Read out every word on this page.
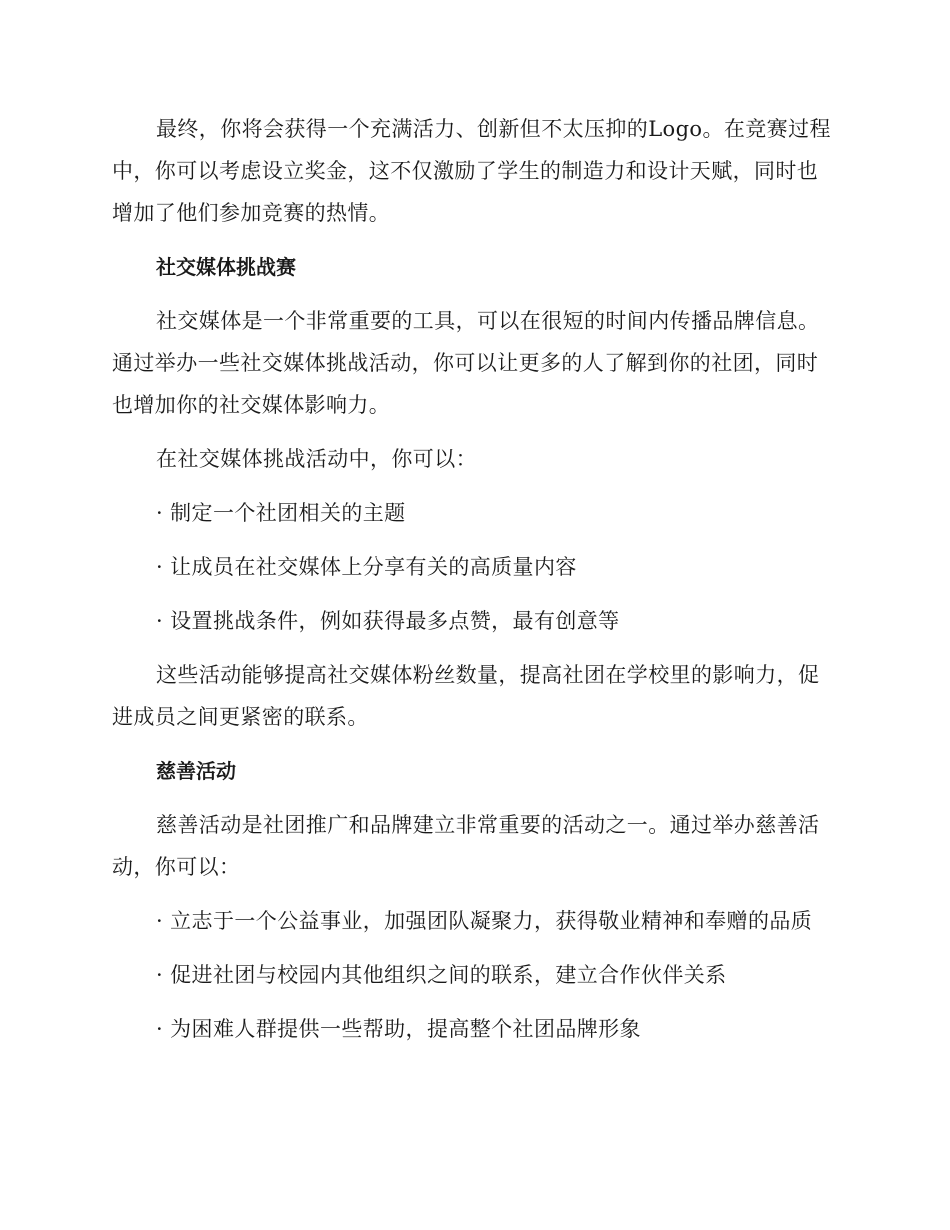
最终，你将会获得一个充满活力、创新但不太压抑的Logo。在竞赛过程中，你可以考虑设立奖金，这不仅激励了学生的制造力和设计天赋，同时也增加了他们参加竞赛的热情。

社交媒体挑战赛

社交媒体是一个非常重要的工具，可以在很短的时间内传播品牌信息。通过举办一些社交媒体挑战活动，你可以让更多的人了解到你的社团，同时也增加你的社交媒体影响力。

在社交媒体挑战活动中，你可以：

· 制定一个社团相关的主题
· 让成员在社交媒体上分享有关的高质量内容
· 设置挑战条件，例如获得最多点赞，最有创意等

这些活动能够提高社交媒体粉丝数量，提高社团在学校里的影响力，促进成员之间更紧密的联系。

慈善活动

慈善活动是社团推广和品牌建立非常重要的活动之一。通过举办慈善活动，你可以：

· 立志于一个公益事业，加强团队凝聚力，获得敬业精神和奉赠的品质
· 促进社团与校园内其他组织之间的联系，建立合作伙伴关系
· 为困难人群提供一些帮助，提高整个社团品牌形象
